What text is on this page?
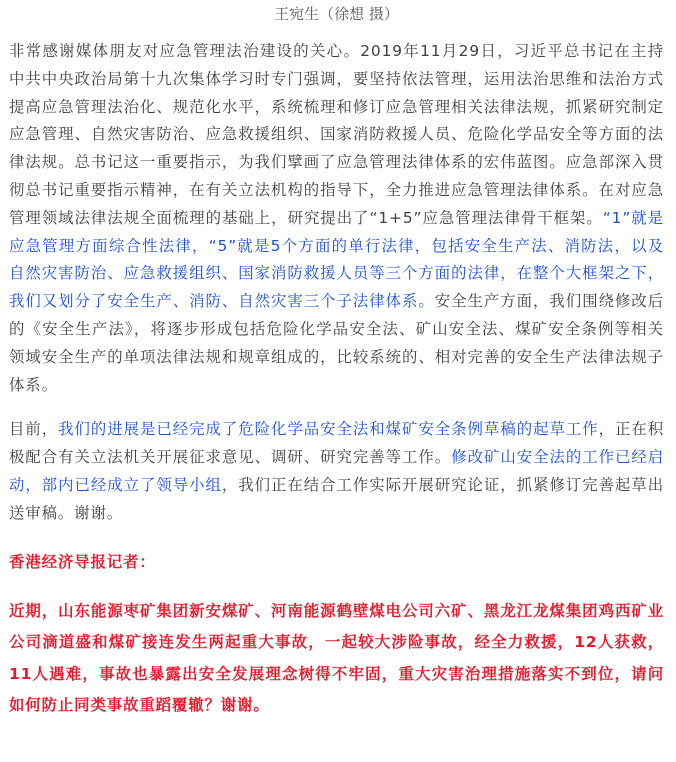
王宛生（徐想 摄）

非常感谢媒体朋友对应急管理法治建设的关心。2019年11月29日，习近平总书记在主持中共中央政治局第十九次集体学习时专门强调，要坚持依法管理，运用法治思维和法治方式提高应急管理法治化、规范化水平，系统梳理和修订应急管理相关法律法规，抓紧研究制定应急管理、自然灾害防治、应急救援组织、国家消防救援人员、危险化学品安全等方面的法律法规。总书记这一重要指示，为我们擘画了应急管理法律体系的宏伟蓝图。应急部深入贯彻总书记重要指示精神，在有关立法机构的指导下，全力推进应急管理法律体系。在对应急管理领域法律法规全面梳理的基础上，研究提出了“1+5”应急管理法律骨干框架。“1”就是应急管理方面综合性法律，“5”就是5个方面的单行法律，包括安全生产法、消防法，以及自然灾害防治、应急救援组织、国家消防救援人员等三个方面的法律，在整个大框架之下，我们又划分了安全生产、消防、自然灾害三个子法律体系。安全生产方面，我们围绕修改后的《安全生产法》，将逐步形成包括危险化学品安全法、矿山安全法、煤矿安全条例等相关领域安全生产的单项法律法规和规章组成的，比较系统的、相对完善的安全生产法律法规子体系。

目前，我们的进展是已经完成了危险化学品安全法和煤矿安全条例草稿的起草工作，正在积极配合有关立法机关开展征求意见、调研、研究完善等工作。修改矿山安全法的工作已经启动，部内已经成立了领导小组，我们正在结合工作实际开展研究论证，抓紧修订完善起草出送审稿。谢谢。

香港经济导报记者：

近期，山东能源枣矿集团新安煤矿、河南能源鹤壁煤电公司六矿、黑龙江龙煤集团鸡西矿业公司滴道盛和煤矿接连发生两起重大事故，一起较大涉险事故，经全力救援，12人获救，11人遇难，事故也暴露出安全发展理念树得不牢固，重大灾害治理措施落实不到位，请问如何防止同类事故重蹈覆辙？谢谢。
